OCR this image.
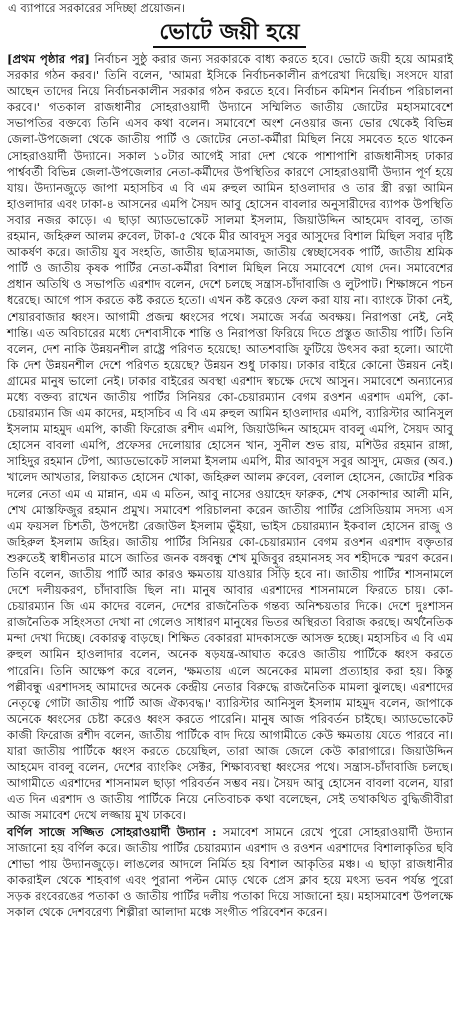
এ ব্যাপারে সরকারের সদিচ্ছা প্রয়োজন।

ভোটে জয়ী হয়ে

[প্রথম পৃষ্ঠার পর] নির্বাচন সুষ্ঠু করার জন্য সরকারকে বাধ্য করতে হবে। ভোটে জয়ী হয়ে আমরাই সরকার গঠন করব।' তিনি বলেন, 'আমরা ইসিকে নির্বাচনকালীন রূপরেখা দিয়েছি। সংসদে যারা আছেন তাদের নিয়ে নির্বাচনকালীন সরকার গঠন করতে হবে। নির্বাচন কমিশন নির্বাচন পরিচালনা করবে।' গতকাল রাজধানীর সোহরাওয়ার্দী উদ্যানে সম্মিলিত জাতীয় জোটের মহাসমাবেশে সভাপতির বক্তব্যে তিনি এসব কথা বলেন। সমাবেশে অংশ নেওয়ার জন্য ভোর থেকেই বিভিন্ন জেলা-উপজেলা থেকে জাতীয় পার্টি ও জোটের নেতা-কর্মীরা মিছিল নিয়ে সমবেত হতে থাকেন সোহরাওয়ার্দী উদ্যানে। সকাল ১০টার আগেই সারা দেশ থেকে পাশাপাশি রাজধানীসহ ঢাকার পার্শ্ববর্তী বিভিন্ন জেলা-উপজেলার নেতা-কর্মীদের উপস্থিতির কারণে সোহরাওয়ার্দী উদ্যান পূর্ণ হয়ে যায়। উদ্যানজুড়ে জাপা মহাসচিব এ বি এম রুহুল আমিন হাওলাদার ও তার স্ত্রী রত্না আমিন হাওলাদার এবং ঢাকা-৪ আসনের এমপি সৈয়দ আবু হোসেন বাবলার অনুসারীদের ব্যাপক উপস্থিতি সবার নজর কাড়ে। এ ছাড়া অ্যাডভোকেট সালমা ইসলাম, জিয়াউদ্দিন আহমেদ বাবলু, তাজ রহমান, জহিরুল আলম রুবেল, টাকা-৫ থেকে মীর আবদুস সবুর আসুদের বিশাল মিছিল সবার দৃষ্টি আকর্ষণ করে। জাতীয় যুব সংহতি, জাতীয় ছাত্রসমাজ, জাতীয় স্বেচ্ছাসেবক পার্টি, জাতীয় শ্রমিক পার্টি ও জাতীয় কৃষক পার্টির নেতা-কর্মীরা বিশাল মিছিল নিয়ে সমাবেশে যোগ দেন। সমাবেশের প্রধান অতিথি ও সভাপতি এরশাদ বলেন, দেশে চলছে সন্ত্রাস-চাঁদাবাজি ও লুটপাট। শিক্ষাঙ্গনে পচন ধরেছে। আগে পাস করতে কষ্ট করতে হতো। এখন কষ্ট করেও ফেল করা যায় না। ব্যাংকে টাকা নেই, শেয়ারবাজার ধ্বংস। আগামী প্রজন্ম ধ্বংসের পথে। সমাজে সর্বত্র অবক্ষয়। নিরাপত্তা নেই, নেই শান্তি। এত অবিচারের মধ্যে দেশবাসীকে শান্তি ও নিরাপত্তা ফিরিয়ে দিতে প্রস্তুত জাতীয় পার্টি। তিনি বলেন, দেশ নাকি উন্নয়নশীল রাষ্ট্রে পরিণত হয়েছে! আতশবাজি ফুটিয়ে উৎসব করা হলো। আদৌ কি দেশ উন্নয়নশীল দেশে পরিণত হয়েছে? উন্নয়ন শুধু ঢাকায়। ঢাকার বাইরে কোনো উন্নয়ন নেই। গ্রামের মানুষ ভালো নেই। ঢাকার বাইরের অবস্থা এরশাদ স্বচক্ষে দেখে আসুন। সমাবেশে অন্যান্যের মধ্যে বক্তব্য রাখেন জাতীয় পার্টির সিনিয়র কো-চেয়ারম্যান বেগম রওশন এরশাদ এমপি, কো-চেয়ারম্যান জি এম কাদের, মহাসচিব এ বি এম রুহুল আমিন হাওলাদার এমপি, ব্যারিস্টার আনিসুল ইসলাম মাহমুদ এমপি, কাজী ফিরোজ রশীদ এমপি, জিয়াউদ্দিন আহমেদ বাবলু এমপি, সৈয়দ আবু হোসেন বাবলা এমপি, প্রফেসর দেলোয়ার হোসেন খান, সুনীল শুভ রায়, মশিউর রহমান রাঙ্গা, সাহিদুর রহমান টেপা, অ্যাডভোকেট সালমা ইসলাম এমপি, মীর আবদুস সবুর আসুদ, মেজর (অব.) খালেদ আখতার, লিয়াকত হোসেন খোকা, জহিরুল আলম রুবেল, বেলাল হোসেন, জোটের শরিক দলের নেতা এম এ মান্নান, এম এ মতিন, আবু নাসের ওয়াহেদ ফারুক, শেখ সেকান্দার আলী মনি, শেখ মোস্তফিজুর রহমান প্রমুখ। সমাবেশ পরিচালনা করেন জাতীয় পার্টির প্রেসিডিয়াম সদস্য এস এম ফয়সল চিশতী, উপদেষ্টা রেজাউল ইসলাম ভুঁইয়া, ভাইস চেয়ারম্যান ইকবাল হোসেন রাজু ও জহিরুল ইসলাম জহির। জাতীয় পার্টির সিনিয়র কো-চেয়ারম্যান বেগম রওশন এরশাদ বক্তৃতার শুরুতেই স্বাধীনতার মাসে জাতির জনক বঙ্গবন্ধু শেখ মুজিবুর রহমানসহ সব শহীদকে স্মরণ করেন। তিনি বলেন, জাতীয় পার্টি আর কারও ক্ষমতায় যাওয়ার সিঁড়ি হবে না। জাতীয় পার্টির শাসনামলে দেশে দলীয়করণ, চাঁদাবাজি ছিল না। মানুষ আবার এরশাদের শাসনামলে ফিরতে চায়। কো-চেয়ারম্যান জি এম কাদের বলেন, দেশের রাজনৈতিক গন্তব্য অনিশ্চয়তার দিকে। দেশে দুঃশাসন রাজনৈতিক সহিংসতা দেখা না গেলেও সাধারণ মানুষের ভিতর অস্থিরতা বিরাজ করছে। অর্থনৈতিক মন্দা দেখা দিচ্ছে। বেকারত্ব বাড়ছে। শিক্ষিত বেকাররা মাদকাসক্তে আসক্ত হচ্ছে। মহাসচিব এ বি এম রুহুল আমিন হাওলাদার বলেন, অনেক ষড়যন্ত্র-আঘাত করেও জাতীয় পার্টিকে ধ্বংস করতে পারেনি। তিনি আক্ষেপ করে বলেন, 'ক্ষমতায় এলে অনেকের মামলা প্রত্যাহার করা হয়। কিন্তু পল্লীবন্ধু এরশাদসহ আমাদের অনেক কেন্দ্রীয় নেতার বিরুদ্ধে রাজনৈতিক মামলা ঝুলছে। এরশাদের নেতৃত্বে গোটা জাতীয় পার্টি আজ ঐক্যবদ্ধ।' ব্যারিস্টার আনিসুল ইসলাম মাহমুদ বলেন, জাপাকে অনেকে ধ্বংসের চেষ্টা করেও ধ্বংস করতে পারেনি। মানুষ আজ পরিবর্তন চাইছে। অ্যাডভোকেট কাজী ফিরোজ রশীদ বলেন, জাতীয় পার্টিকে বাদ দিয়ে আগামীতে কেউ ক্ষমতায় যেতে পারবে না। যারা জাতীয় পার্টিকে ধ্বংস করতে চেয়েছিল, তারা আজ জেলে কেউ কারাগারে। জিয়াউদ্দিন আহমেদ বাবলু বলেন, দেশের ব্যাংকিং সেক্টর, শিক্ষাব্যবস্থা ধ্বংসের পথে। সন্ত্রাস-চাঁদাবাজি চলছে। আগামীতে এরশাদের শাসনামল ছাড়া পরিবর্তন সম্ভব নয়। সৈয়দ আবু হোসেন বাবলা বলেন, যারা এত দিন এরশাদ ও জাতীয় পার্টিকে নিয়ে নেতিবাচক কথা বলেছেন, সেই তথাকথিত বুদ্ধিজীবীরা আজ সমাবেশ দেখে লজ্জায় মুখ ঢাকবে।

বর্ণিল সাজে সজ্জিত সোহরাওয়ার্দী উদ্যান : সমাবেশ সামনে রেখে পুরো সোহরাওয়ার্দী উদ্যান সাজানো হয় বর্ণিল করে। জাতীয় পার্টির চেয়ারম্যান এরশাদ ও রওশন এরশাদের বিশালাকৃতির ছবি শোভা পায় উদ্যানজুড়ে। লাঙলের আদলে নির্মিত হয় বিশাল আকৃতির মঞ্চ। এ ছাড়া রাজধানীর কাকরাইল থেকে শাহবাগ এবং পুরানা পল্টন মোড় থেকে প্রেস ক্লাব হয়ে মৎস্য ভবন পর্যন্ত পুরো সড়ক রংবেরঙের পতাকা ও জাতীয় পার্টির দলীয় পতাকা দিয়ে সাজানো হয়। মহাসমাবেশ উপলক্ষে সকাল থেকে দেশবরেণ্য শিল্পীরা আলাদা মঞ্চে সংগীত পরিবেশন করেন।
